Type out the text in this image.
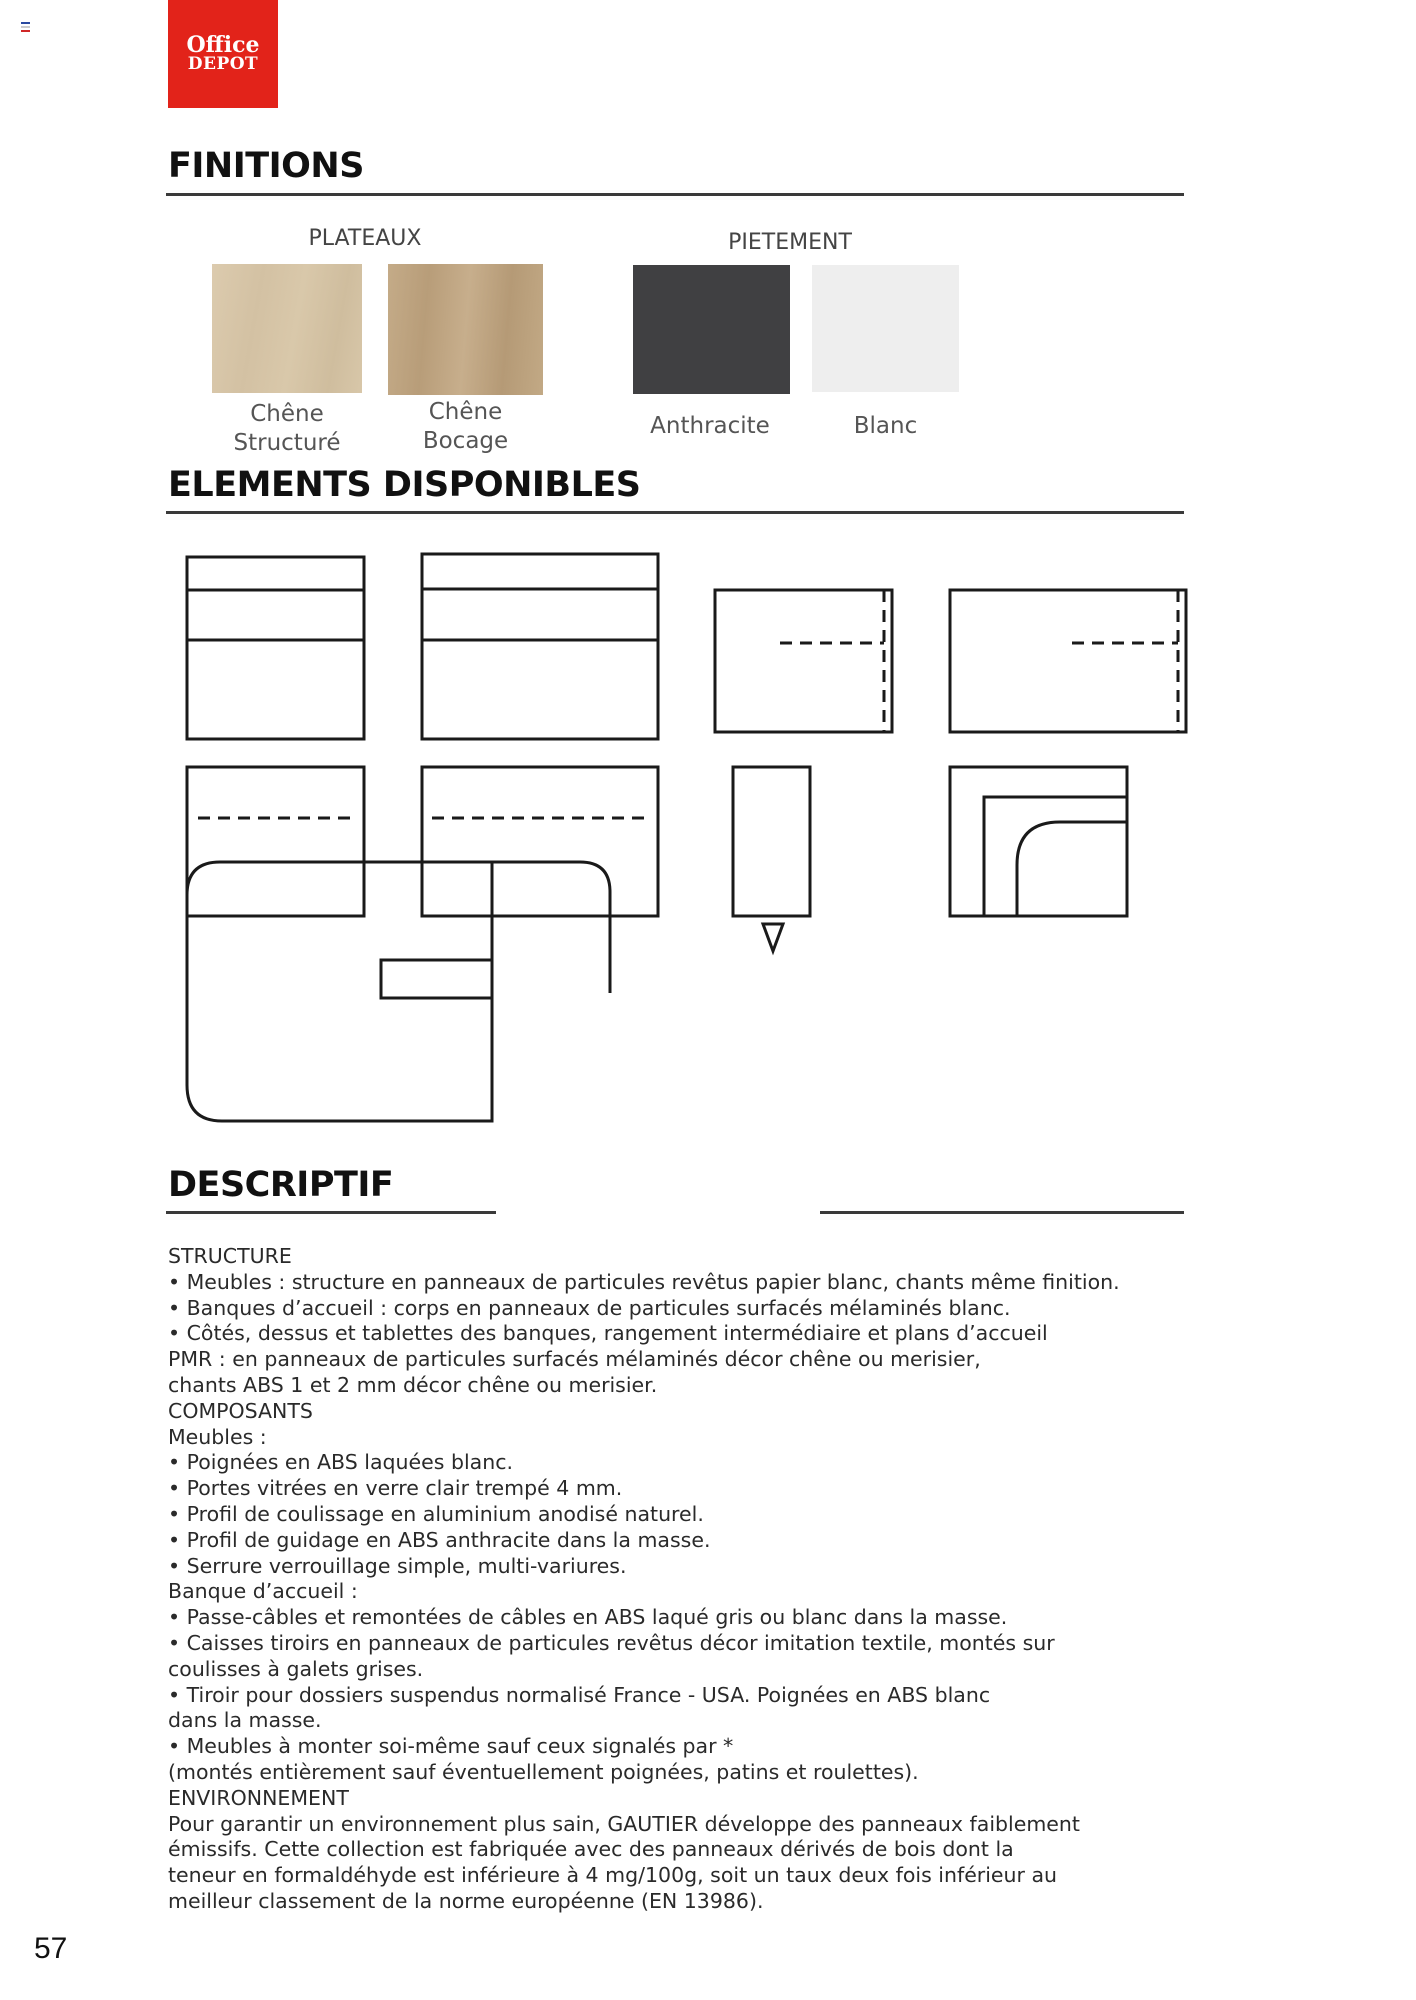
Office
DEPOT
FINITIONS
PLATEAUX	PIETEMENT
Chêne
Structuré
Chêne
Bocage
Anthracite	Blanc
ELEMENTS DISPONIBLES
DESCRIPTIF
STRUCTURE
• Meubles : structure en panneaux de particules revêtus papier blanc, chants même finition.
• Banques d’accueil : corps en panneaux de particules surfacés mélaminés blanc.
• Côtés, dessus et tablettes des banques, rangement intermédiaire et plans d’accueil
PMR : en panneaux de particules surfacés mélaminés décor chêne ou merisier,
chants ABS 1 et 2 mm décor chêne ou merisier.
COMPOSANTS
Meubles :
• Poignées en ABS laquées blanc.
• Portes vitrées en verre clair trempé 4 mm.
• Profil de coulissage en aluminium anodisé naturel.
• Profil de guidage en ABS anthracite dans la masse.
• Serrure verrouillage simple, multi-variures.
Banque d’accueil :
• Passe-câbles et remontées de câbles en ABS laqué gris ou blanc dans la masse.
• Caisses tiroirs en panneaux de particules revêtus décor imitation textile, montés sur
coulisses à galets grises.
• Tiroir pour dossiers suspendus normalisé France - USA. Poignées en ABS blanc
dans la masse.
• Meubles à monter soi-même sauf ceux signalés par *
(montés entièrement sauf éventuellement poignées, patins et roulettes).
ENVIRONNEMENT
Pour garantir un environnement plus sain, GAUTIER développe des panneaux faiblement
émissifs. Cette collection est fabriquée avec des panneaux dérivés de bois dont la
teneur en formaldéhyde est inférieure à 4 mg/100g, soit un taux deux fois inférieur au
meilleur classement de la norme européenne (EN 13986).
57
